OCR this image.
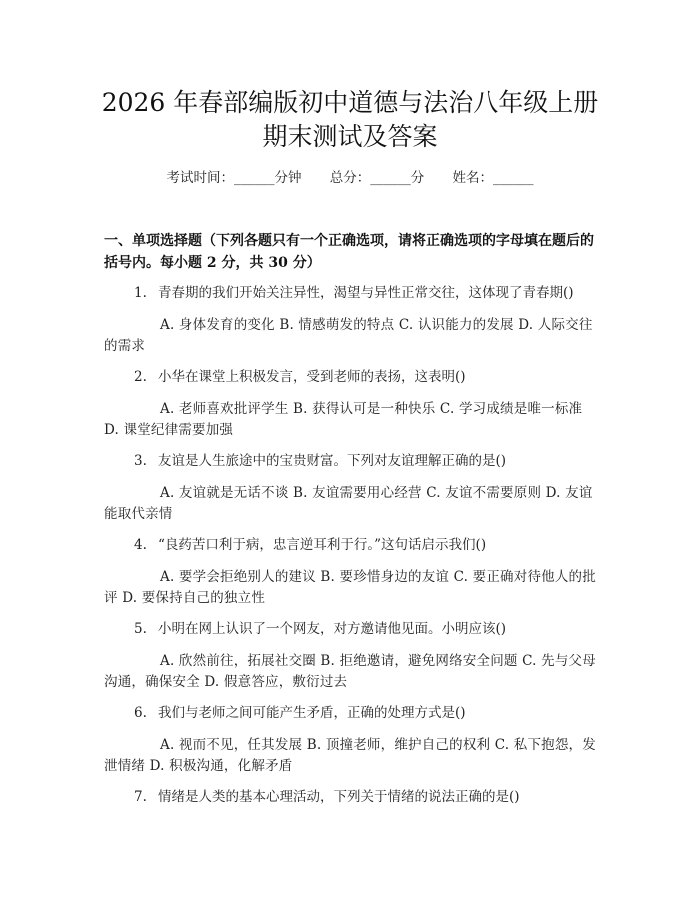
2026 年春部编版初中道德与法治八年级上册
期末测试及答案
考试时间：______分钟 总分：______分 姓名：______
一、单项选择题（下列各题只有一个正确选项，请将正确选项的字母填在题后的括号内。每小题 2 分，共 30 分）
1. 青春期的我们开始关注异性，渴望与异性正常交往，这体现了青春期()
A. 身体发育的变化 B. 情感萌发的特点 C. 认识能力的发展 D. 人际交往的需求
2. 小华在课堂上积极发言，受到老师的表扬，这表明()
A. 老师喜欢批评学生 B. 获得认可是一种快乐 C. 学习成绩是唯一标准 D. 课堂纪律需要加强
3. 友谊是人生旅途中的宝贵财富。下列对友谊理解正确的是()
A. 友谊就是无话不谈 B. 友谊需要用心经营 C. 友谊不需要原则 D. 友谊能取代亲情
4. “良药苦口利于病，忠言逆耳利于行。”这句话启示我们()
A. 要学会拒绝别人的建议 B. 要珍惜身边的友谊 C. 要正确对待他人的批评 D. 要保持自己的独立性
5. 小明在网上认识了一个网友，对方邀请他见面。小明应该()
A. 欣然前往，拓展社交圈 B. 拒绝邀请，避免网络安全问题 C. 先与父母沟通，确保安全 D. 假意答应，敷衍过去
6. 我们与老师之间可能产生矛盾，正确的处理方式是()
A. 视而不见，任其发展 B. 顶撞老师，维护自己的权利 C. 私下抱怨，发泄情绪 D. 积极沟通，化解矛盾
7. 情绪是人类的基本心理活动，下列关于情绪的说法正确的是()
